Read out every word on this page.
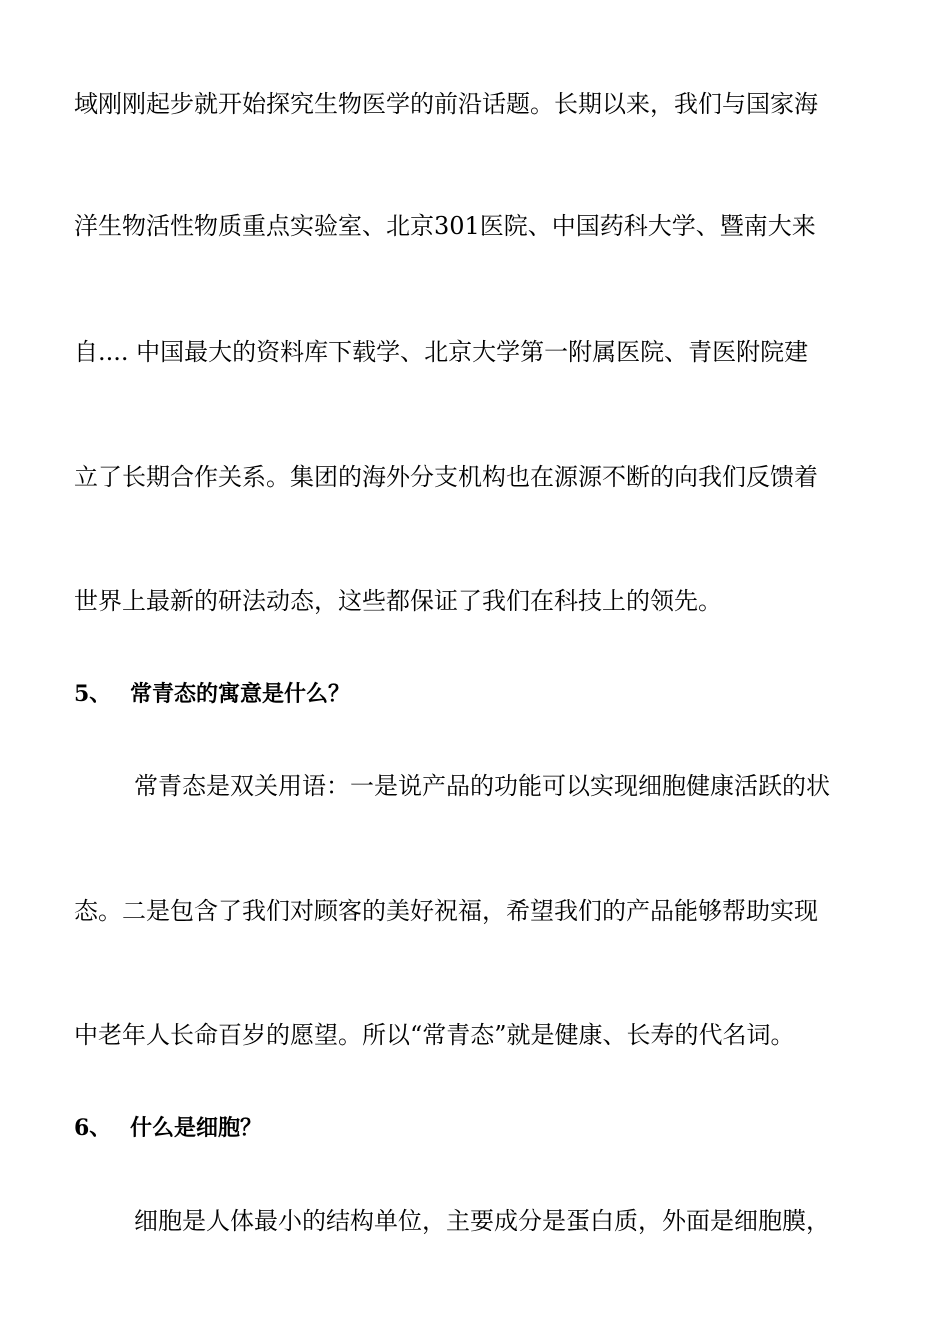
域刚刚起步就开始探究生物医学的前沿话题。长期以来，我们与国家海
洋生物活性物质重点实验室、北京301医院、中国药科大学、暨南大来
自.... 中国最大的资料库下载学、北京大学第一附属医院、青医附院建
立了长期合作关系。集团的海外分支机构也在源源不断的向我们反馈着
世界上最新的研法动态，这些都保证了我们在科技上的领先。
5、 常青态的寓意是什么？
常青态是双关用语：一是说产品的功能可以实现细胞健康活跃的状
态。二是包含了我们对顾客的美好祝福，希望我们的产品能够帮助实现
中老年人长命百岁的愿望。所以“常青态”就是健康、长寿的代名词。
6、 什么是细胞？
细胞是人体最小的结构单位，主要成分是蛋白质，外面是细胞膜，
